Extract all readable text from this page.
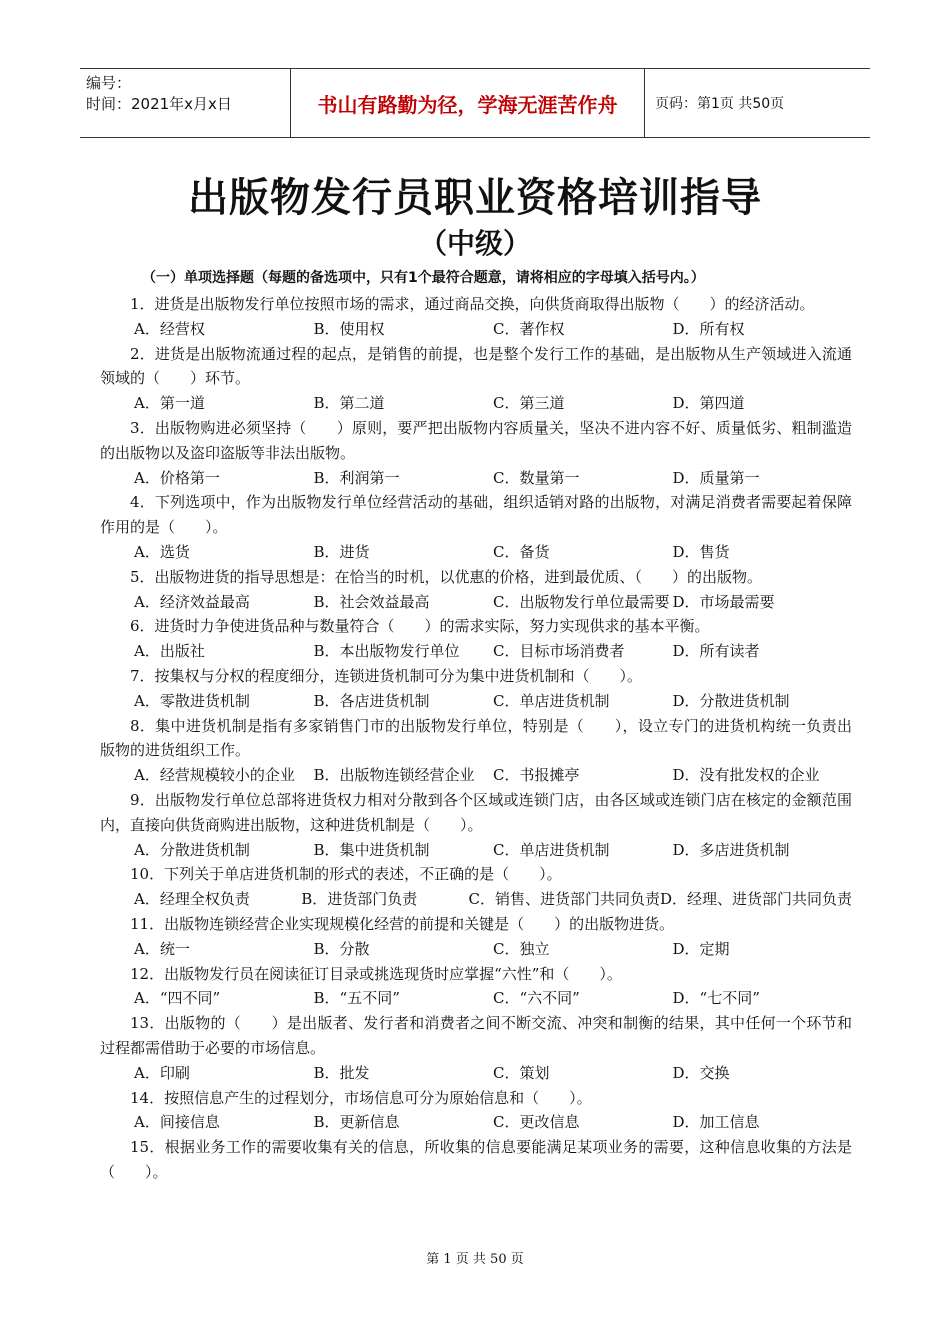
编号：
时间：2021年x月x日	书山有路勤为径，学海无涯苦作舟	页码：第1页 共50页
出版物发行员职业资格培训指导
（中级）
（一）单项选择题（每题的备选项中，只有1个最符合题意，请将相应的字母填入括号内。）
1．进货是出版物发行单位按照市场的需求，通过商品交换，向供货商取得出版物（　　）的经济活动。
A．经营权	B．使用权	C．著作权	D．所有权
2．进货是出版物流通过程的起点，是销售的前提，也是整个发行工作的基础，是出版物从生产领域进入流通领域的（　　）环节。
A．第一道	B．第二道	C．第三道	D．第四道
3．出版物购进必须坚持（　　）原则，要严把出版物内容质量关，坚决不进内容不好、质量低劣、粗制滥造的出版物以及盗印盗版等非法出版物。
A．价格第一	B．利润第一	C．数量第一	D．质量第一
4．下列选项中，作为出版物发行单位经营活动的基础，组织适销对路的出版物，对满足消费者需要起着保障作用的是（　　）。
A．选货	B．进货	C．备货	D．售货
5．出版物进货的指导思想是：在恰当的时机，以优惠的价格，进到最优质、（　　）的出版物。
A．经济效益最高	B．社会效益最高	C．出版物发行单位最需要 D．市场最需要
6．进货时力争使进货品种与数量符合（　　）的需求实际，努力实现供求的基本平衡。
A．出版社	B．本出版物发行单位	C．目标市场消费者	D．所有读者
7．按集权与分权的程度细分，连锁进货机制可分为集中进货机制和（　　）。
A．零散进货机制	B．各店进货机制	C．单店进货机制	D．分散进货机制
8．集中进货机制是指有多家销售门市的出版物发行单位，特别是（　　），设立专门的进货机构统一负责出版物的进货组织工作。
A．经营规模较小的企业	B．出版物连锁经营企业	C．书报摊亭	D．没有批发权的企业
9．出版物发行单位总部将进货权力相对分散到各个区域或连锁门店，由各区域或连锁门店在核定的金额范围内，直接向供货商购进出版物，这种进货机制是（　　）。
A．分散进货机制	B．集中进货机制	C．单店进货机制	D．多店进货机制
10．下列关于单店进货机制的形式的表述，不正确的是（　　）。
A．经理全权负责	B．进货部门负责	C．销售、进货部门共同负责 D．经理、进货部门共同负责
11．出版物连锁经营企业实现规模化经营的前提和关键是（　　）的出版物进货。
A．统一	B．分散	C．独立	D．定期
12．出版物发行员在阅读征订目录或挑选现货时应掌握“六性”和（　　）。
A．“四不同”	B．“五不同”	C．“六不同”	D．“七不同”
13．出版物的（　　）是出版者、发行者和消费者之间不断交流、冲突和制衡的结果，其中任何一个环节和过程都需借助于必要的市场信息。
A．印刷	B．批发	C．策划	D．交换
14．按照信息产生的过程划分，市场信息可分为原始信息和（　　）。
A．间接信息	B．更新信息	C．更改信息	D．加工信息
15．根据业务工作的需要收集有关的信息，所收集的信息要能满足某项业务的需要，这种信息收集的方法是（　　）。
第 1 页 共 50 页
